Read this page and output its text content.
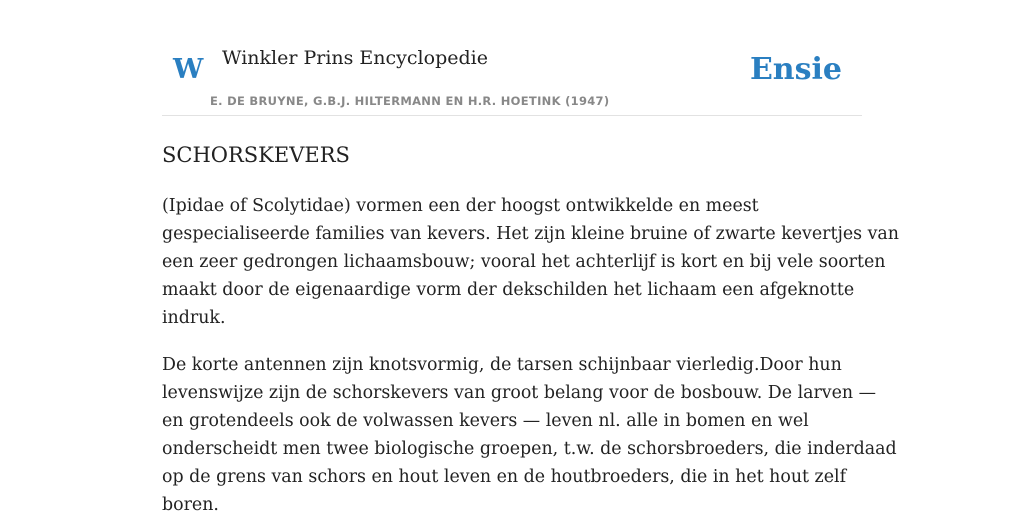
W Winkler Prins Encyclopedie
E. DE BRUYNE, G.B.J. HILTERMANN EN H.R. HOETINK (1947)
Ensie
SCHORSKEVERS

(Ipidae of Scolytidae) vormen een der hoogst ontwikkelde en meest
gespecialiseerde families van kevers. Het zijn kleine bruine of zwarte kevertjes van
een zeer gedrongen lichaamsbouw; vooral het achterlijf is kort en bij vele soorten
maakt door de eigenaardige vorm der dekschilden het lichaam een afgeknotte
indruk.

De korte antennen zijn knotsvormig, de tarsen schijnbaar vierledig.Door hun
levenswijze zijn de schorskevers van groot belang voor de bosbouw. De larven —
en grotendeels ook de volwassen kevers — leven nl. alle in bomen en wel
onderscheidt men twee biologische groepen, t.w. de schorsbroeders, die inderdaad
op de grens van schors en hout leven en de houtbroeders, die in het hout zelf
boren.
